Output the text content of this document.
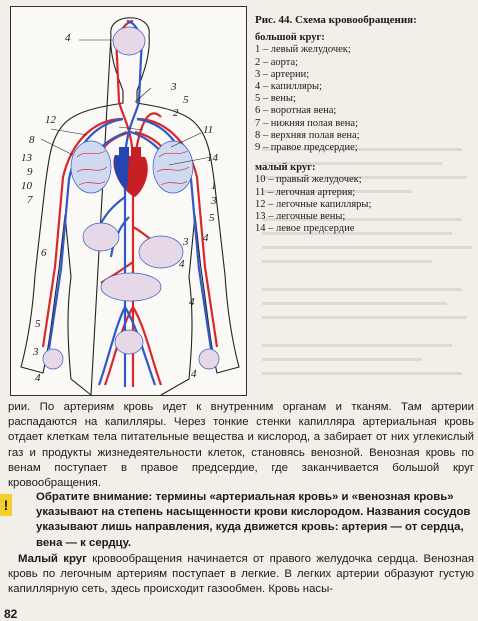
4
3
5
2
12
11
8
13	14
9
1
10
3
7
5
3 4
6
4
4
5
3
4	4
Рис. 44. Схема кровообращения:
большой круг:
1 – левый желудочек;
2 – аорта;
3 – артерии;
4 – капилляры;
5 – вены;
6 – воротная вена;
7 – нижняя полая вена;
8 – верхняя полая вена;
9 – правое предсердие;
малый круг:
10 – правый желудочек;
11 – легочная артерия;
12 – легочные капилляры;
13 – легочные вены;
14 – левое предсердие
рии. По артериям кровь идет к внутренним органам и тканям. Там артерии распадаются на капилляры. Через тонкие стенки капилляра артериальная кровь отдает клеткам тела питательные вещества и кислород, а забирает от них углекислый газ и продукты жизнедеятельности клеток, становясь венозной. Венозная кровь по венам поступает в правое предсердие, где заканчивается большой круг кровообращения.
!	Обратите внимание: термины «артериальная кровь» и «венозная кровь» указывают на степень насыщенности крови кислородом. Названия сосудов указывают лишь направления, куда движется кровь: артерия — от сердца, вена — к сердцу.
Малый круг кровообращения начинается от правого желудочка сердца. Венозная кровь по легочным артериям поступает в легкие. В легких артерии образуют густую капиллярную сеть, здесь происходит газообмен. Кровь насы-
82
